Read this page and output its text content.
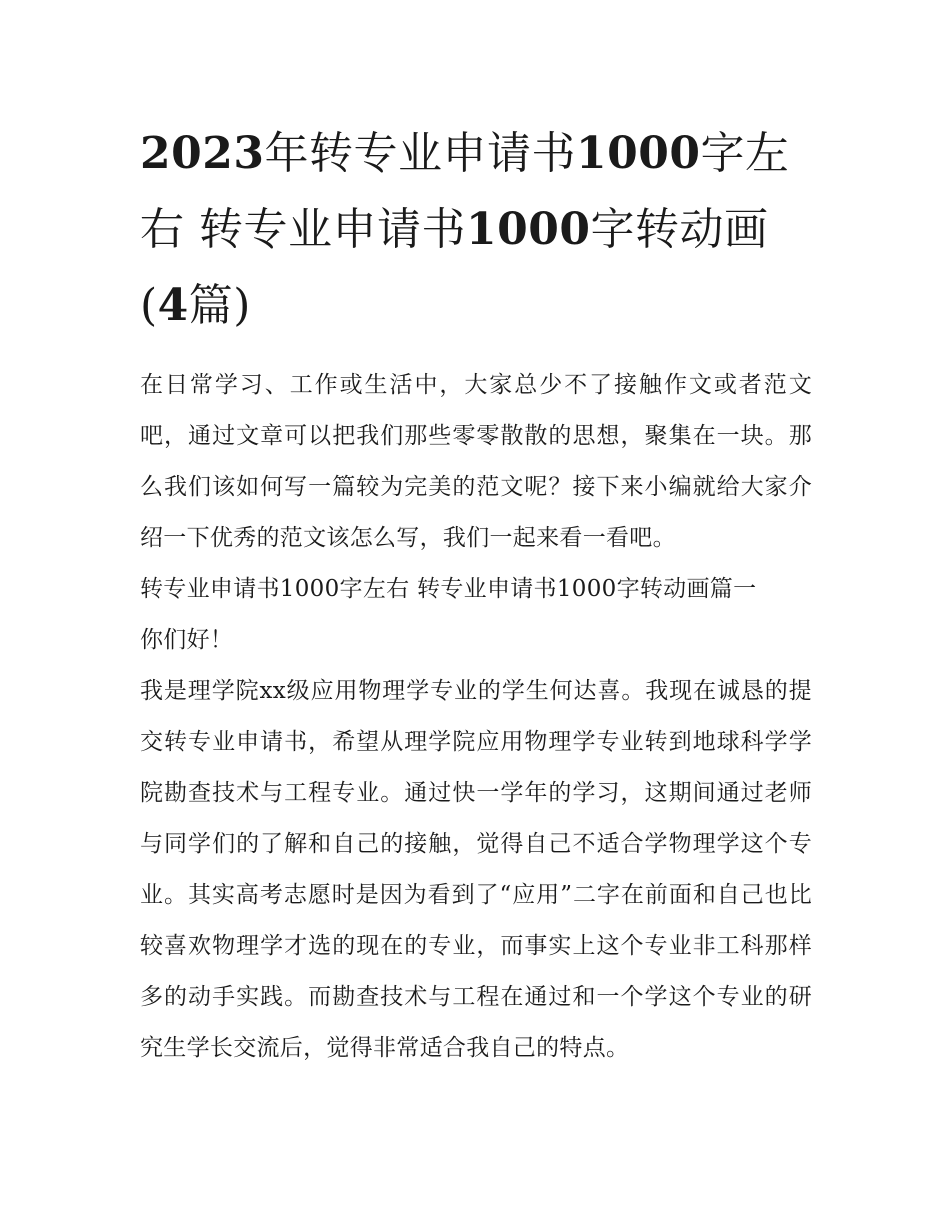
2023年转专业申请书1000字左右 转专业申请书1000字转动画(4篇)

在日常学习、工作或生活中，大家总少不了接触作文或者范文吧，通过文章可以把我们那些零零散散的思想，聚集在一块。那么我们该如何写一篇较为完美的范文呢？接下来小编就给大家介绍一下优秀的范文该怎么写，我们一起来看一看吧。

转专业申请书1000字左右 转专业申请书1000字转动画篇一

你们好！

我是理学院xx级应用物理学专业的学生何达喜。我现在诚恳的提交转专业申请书，希望从理学院应用物理学专业转到地球科学学院勘查技术与工程专业。通过快一学年的学习，这期间通过老师与同学们的了解和自己的接触，觉得自己不适合学物理学这个专业。其实高考志愿时是因为看到了“应用”二字在前面和自己也比较喜欢物理学才选的现在的专业，而事实上这个专业非工科那样多的动手实践。而勘查技术与工程在通过和一个学这个专业的研究生学长交流后，觉得非常适合我自己的特点。
